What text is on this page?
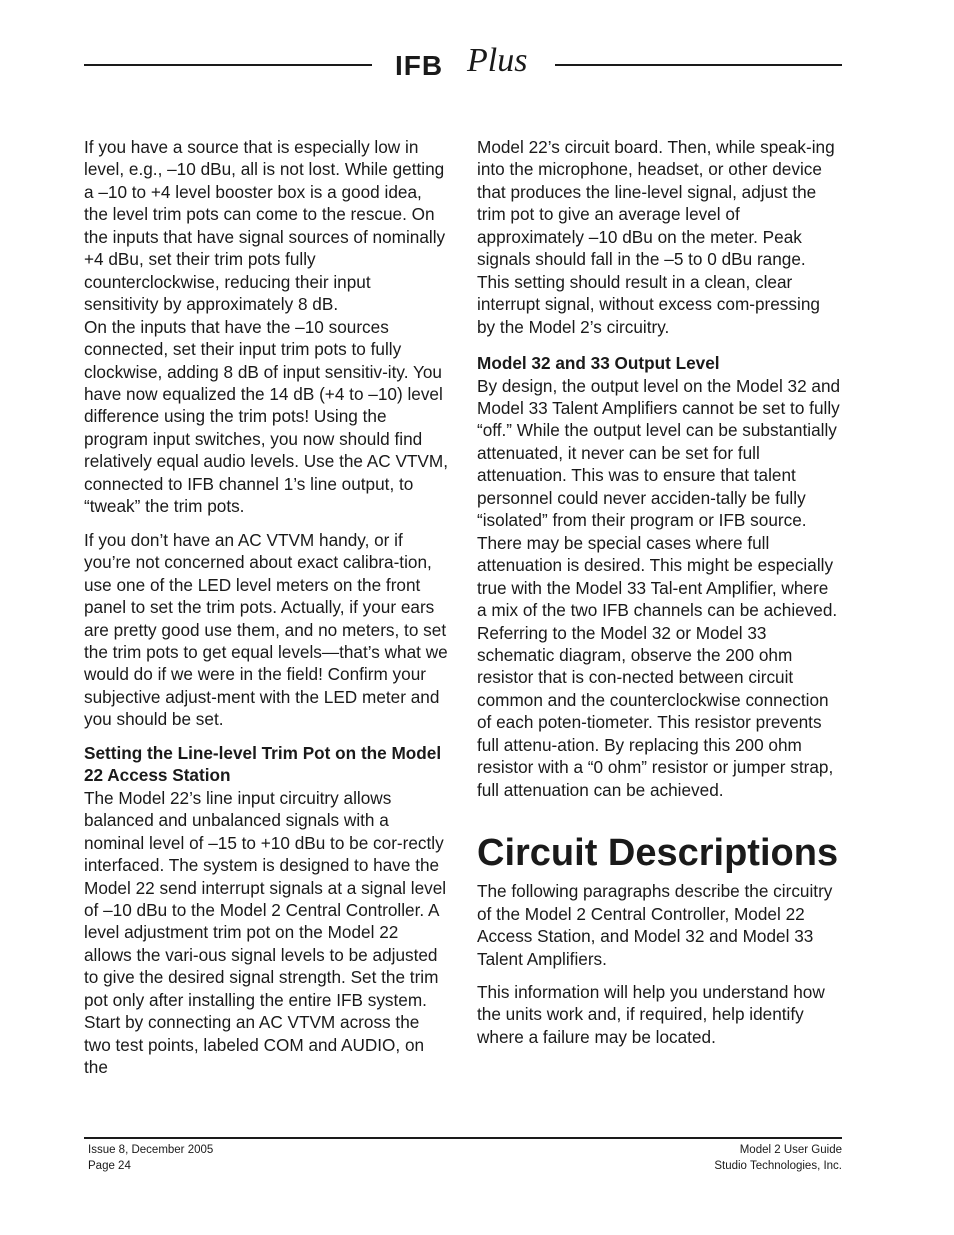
IFB Plus

If you have a source that is especially low in level, e.g., –10 dBu, all is not lost. While getting a –10 to +4 level booster box is a good idea, the level trim pots can come to the rescue. On the inputs that have signal sources of nominally +4 dBu, set their trim pots fully counterclockwise, reducing their input sensitivity by approximately 8 dB.

On the inputs that have the –10 sources connected, set their input trim pots to fully clockwise, adding 8 dB of input sensitiv-ity. You have now equalized the 14 dB (+4 to –10) level difference using the trim pots! Using the program input switches, you now should find relatively equal audio levels. Use the AC VTVM, connected to IFB channel 1’s line output, to “tweak” the trim pots.

If you don’t have an AC VTVM handy, or if you’re not concerned about exact calibra-tion, use one of the LED level meters on the front panel to set the trim pots. Actually, if your ears are pretty good use them, and no meters, to set the trim pots to get equal levels—that’s what we would do if we were in the field! Confirm your subjective adjust-ment with the LED meter and you should be set.

Setting the Line-level Trim Pot on the Model 22 Access Station

The Model 22’s line input circuitry allows balanced and unbalanced signals with a nominal level of –15 to +10 dBu to be cor-rectly interfaced. The system is designed to have the Model 22 send interrupt signals at a signal level of –10 dBu to the Model 2 Central Controller. A level adjustment trim pot on the Model 22 allows the vari-ous signal levels to be adjusted to give the desired signal strength. Set the trim pot only after installing the entire IFB system. Start by connecting an AC VTVM across the two test points, labeled COM and AUDIO, on the

Model 22’s circuit board. Then, while speak-ing into the microphone, headset, or other device that produces the line-level signal, adjust the trim pot to give an average level of approximately –10 dBu on the meter. Peak signals should fall in the –5 to 0 dBu range. This setting should result in a clean, clear interrupt signal, without excess com-pressing by the Model 2’s circuitry.

Model 32 and 33 Output Level

By design, the output level on the Model 32 and Model 33 Talent Amplifiers cannot be set to fully “off.” While the output level can be substantially attenuated, it never can be set for full attenuation. This was to ensure that talent personnel could never acciden-tally be fully “isolated” from their program or IFB source. There may be special cases where full attenuation is desired. This might be especially true with the Model 33 Tal-ent Amplifier, where a mix of the two IFB channels can be achieved. Referring to the Model 32 or Model 33 schematic diagram, observe the 200 ohm resistor that is con-nected between circuit common and the counterclockwise connection of each poten-tiometer. This resistor prevents full attenu-ation. By replacing this 200 ohm resistor with a “0 ohm” resistor or jumper strap, full attenuation can be achieved.

Circuit Descriptions

The following paragraphs describe the circuitry of the Model 2 Central Controller, Model 22 Access Station, and Model 32 and Model 33 Talent Amplifiers.

This information will help you understand how the units work and, if required, help identify where a failure may be located.

Issue 8, December 2005
Page 24
Model 2 User Guide
Studio Technologies, Inc.
